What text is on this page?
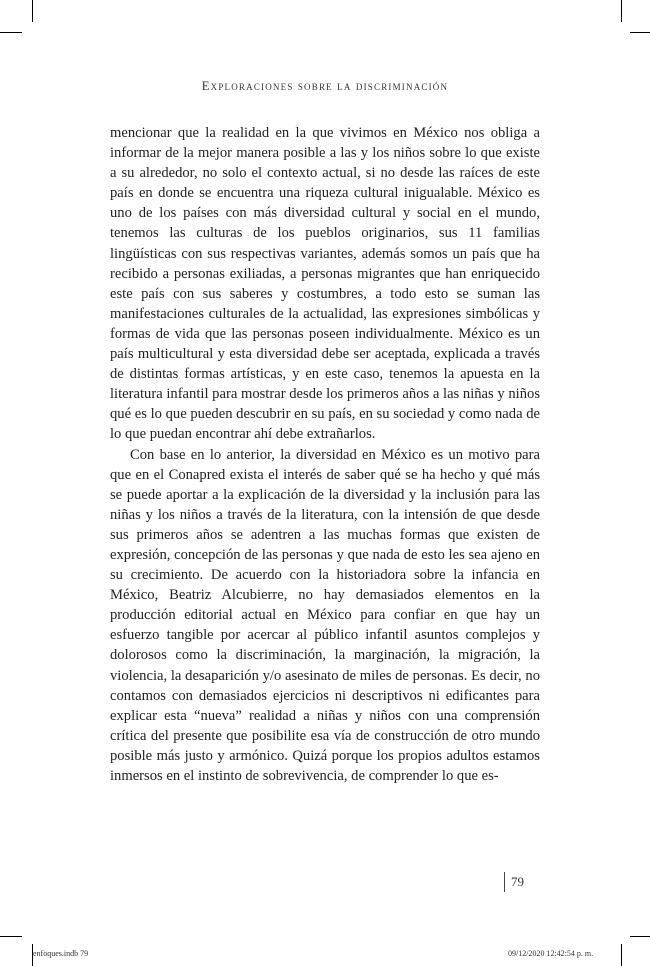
Exploraciones sobre la discriminación

mencionar que la realidad en la que vivimos en México nos obliga a informar de la mejor manera posible a las y los niños sobre lo que existe a su alrededor, no solo el contexto actual, si no desde las raíces de este país en donde se encuentra una riqueza cultural inigualable. México es uno de los países con más diversidad cultural y social en el mundo, tenemos las culturas de los pueblos originarios, sus 11 familias lingüísticas con sus respectivas variantes, además somos un país que ha recibido a personas exiliadas, a personas migrantes que han enriquecido este país con sus saberes y costumbres, a todo esto se suman las manifestaciones culturales de la actualidad, las expresiones simbólicas y formas de vida que las personas poseen individualmente. México es un país multicultural y esta diversidad debe ser aceptada, explicada a través de distintas formas artísticas, y en este caso, tenemos la apuesta en la literatura infantil para mostrar desde los primeros años a las niñas y niños qué es lo que pueden descubrir en su país, en su sociedad y como nada de lo que puedan encontrar ahí debe extrañarlos.

Con base en lo anterior, la diversidad en México es un motivo para que en el Conapred exista el interés de saber qué se ha hecho y qué más se puede aportar a la explicación de la diversidad y la inclusión para las niñas y los niños a través de la literatura, con la intensión de que desde sus primeros años se adentren a las muchas formas que existen de expresión, concepción de las personas y que nada de esto les sea ajeno en su crecimiento. De acuerdo con la historiadora sobre la infancia en México, Beatriz Alcubierre, no hay demasiados elementos en la producción editorial actual en México para confiar en que hay un esfuerzo tangible por acercar al público infantil asuntos complejos y dolorosos como la discriminación, la marginación, la migración, la violencia, la desaparición y/o asesinato de miles de personas. Es decir, no contamos con demasiados ejercicios ni descriptivos ni edificantes para explicar esta “nueva” realidad a niñas y niños con una comprensión crítica del presente que posibilite esa vía de construcción de otro mundo posible más justo y armónico. Quizá porque los propios adultos estamos inmersos en el instinto de sobrevivencia, de comprender lo que es-

79
enfoques.indb 79	09/12/2020 12:42:54 p. m.
